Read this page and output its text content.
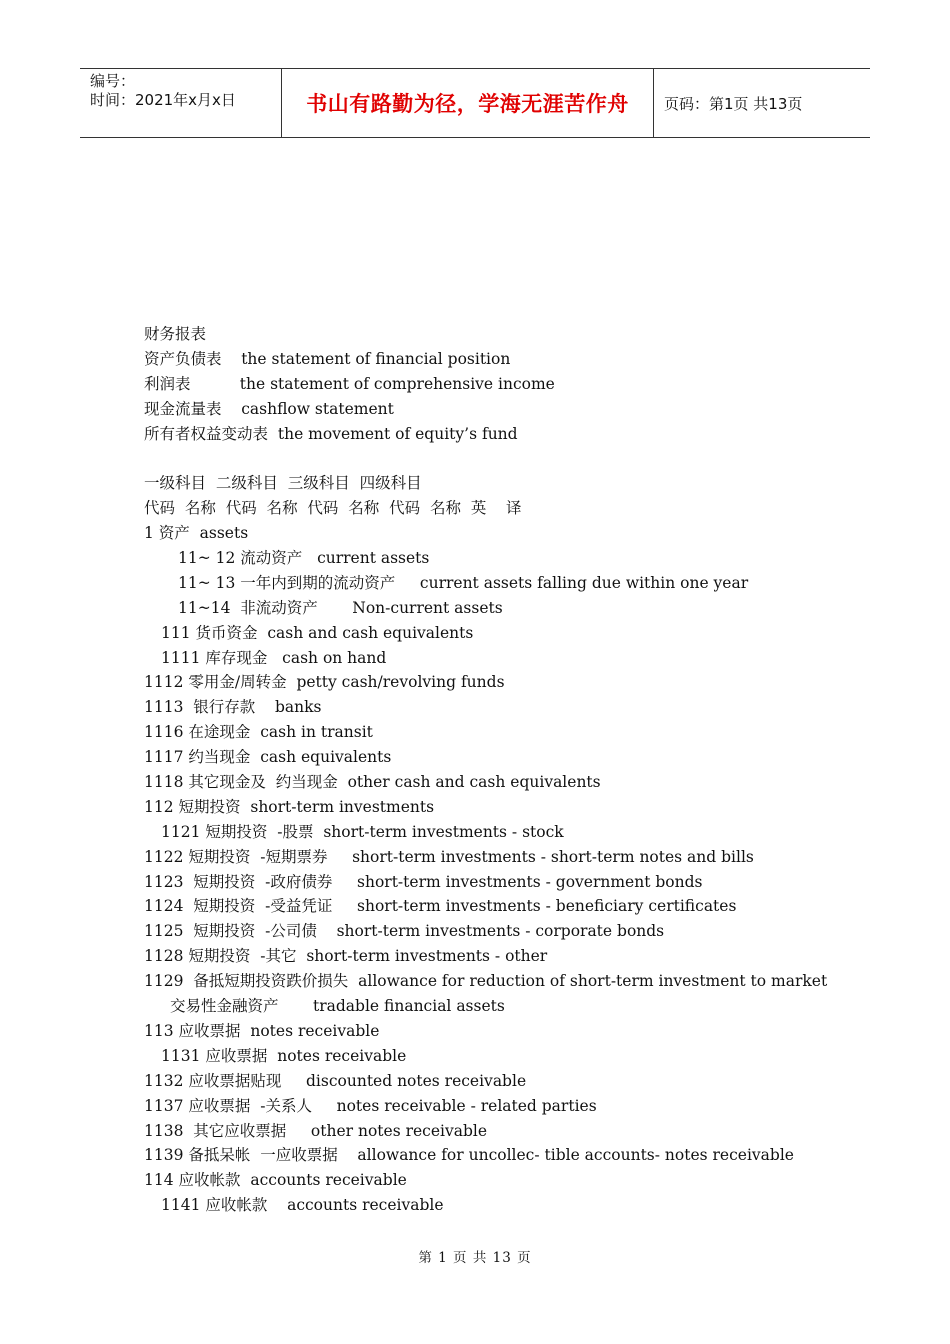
编号：
时间：2021年x月x日	书山有路勤为径，学海无涯苦作舟	页码：第1页 共13页
财务报表
资产负债表    the statement of financial position
利润表          the statement of comprehensive income
现金流量表    cashflow statement
所有者权益变动表  the movement of equity’s fund
一级科目  二级科目  三级科目  四级科目
代码  名称  代码  名称  代码  名称  代码  名称  英    译
1 资产  assets
11~ 12 流动资产   current assets
11~ 13 一年内到期的流动资产     current assets falling due within one year
11~14  非流动资产       Non-current assets
111 货币资金  cash and cash equivalents
1111 库存现金   cash on hand
1112 零用金/周转金  petty cash/revolving funds
1113  银行存款    banks
1116 在途现金  cash in transit
1117 约当现金  cash equivalents
1118 其它现金及  约当现金  other cash and cash equivalents
112 短期投资  short-term investments
1121 短期投资  -股票  short-term investments - stock
1122 短期投资  -短期票券     short-term investments - short-term notes and bills
1123  短期投资  -政府债券     short-term investments - government bonds
1124  短期投资  -受益凭证     short-term investments - beneficiary certificates
1125  短期投资  -公司债    short-term investments - corporate bonds
1128 短期投资  -其它  short-term investments - other
1129  备抵短期投资跌价损失  allowance for reduction of short-term investment to market
交易性金融资产       tradable financial assets
113 应收票据  notes receivable
1131 应收票据  notes receivable
1132 应收票据贴现     discounted notes receivable
1137 应收票据  -关系人     notes receivable - related parties
1138  其它应收票据     other notes receivable
1139 备抵呆帐  一应收票据    allowance for uncollec- tible accounts- notes receivable
114 应收帐款  accounts receivable
1141 应收帐款    accounts receivable
第 1 页 共 13 页
